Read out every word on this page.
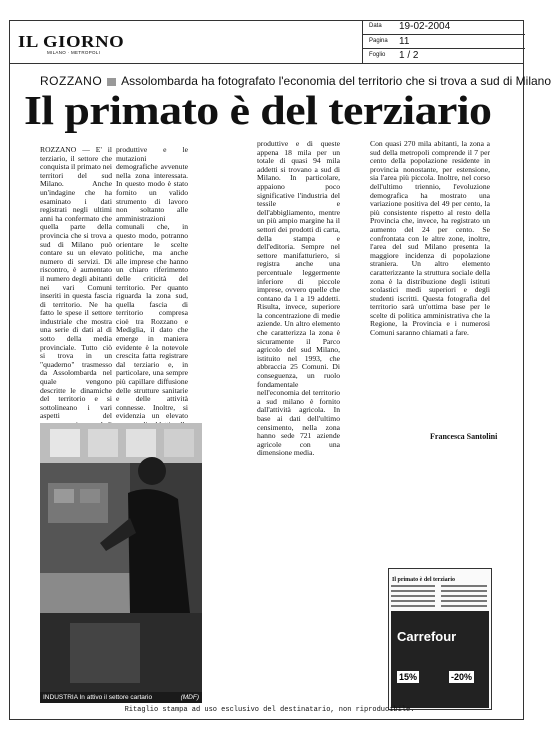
IL GIORNO
MILANO · METROPOLI
Data 19-02-2004
Pagina 11
Foglio 1 / 2
ROZZANO Assolombarda ha fotografato l'economia del territorio che si trova a sud di Milano
Il primato è del terziario
ROZZANO — E' il terziario, il settore che conquista il primato nei territori del sud Milano. Anche un'indagine che ha esaminato i dati registrati negli ultimi anni ha confermato che quella parte della provincia che si trova a sud di Milano può contare su un elevato numero di servizi. Di riscontro, è aumentato il numero degli abitanti nei vari Comuni inseriti in questa fascia di territorio. Ne ha fatto le spese il settore industriale che mostra una serie di dati al di sotto della media provinciale. Tutto ciò si trova in un "quaderno" trasmesso da Assolombarda nel quale vengono descritte le dinamiche del territorio e si sottolineano i vari aspetti del
produttive e le mutazioni demografiche avvenute nella zona interessata. In questo modo è stato fornito un valido strumento di lavoro non soltanto alle amministrazioni comunali che, in questo modo, potranno orientare le scelte politiche, ma anche alle imprese che hanno un chiaro riferimento delle criticità del territorio. Per quanto riguarda la zona sud, quella fascia di territorio compresa cioè tra Rozzano e Mediglia, il dato che emerge in maniera evidente è la notevole crescita fatta registrare dal terziario e, in particolare, una sempre più capillare diffusione delle strutture sanitarie e delle attività connesse. Inoltre, si evidenzia un elevato
produttive e di queste appena 18 mila per un totale di quasi 94 mila addetti si trovano a sud di Milano. In particolare, appaiono poco significative l'industria del tessile e dell'abbigliamento, mentre un più ampio margine ha il settori dei prodotti di carta, della stampa e dell'editoria. Sempre nel settore manifatturiero, si registra anche una percentuale leggermente inferiore di piccole imprese, ovvero quelle che contano da 1 a 19 addetti. Risulta, invece, superiore la concentrazione di medie aziende. Un altro elemento che caratterizza la zona è sicuramente il Parco agricolo del sud Milano, istituito nel 1993, che abbraccia 25 Comuni. Di conseguenza, un ruolo fondamentale nell'economia del territorio a sud milano è fornito dall'attività agricola. In base ai dati dell'ultimo censimento, nella zona hanno sede 721 aziende agricole con una dimensione media.
Con quasi 270 mila abitanti, la zona a sud della metropoli comprende il 7 per cento della popolazione residente in provincia nonostante, per estensione, sia l'area più piccola. Inoltre, nel corso dell'ultimo triennio, l'evoluzione demografica ha mostrato una variazione positiva del 49 per cento, la più consistente rispetto al resto della Provincia che, invece, ha registrato un aumento del 24 per cento. Se confrontata con le altre zone, inoltre, l'area del sud Milano presenta la maggiore incidenza di popolazione straniera. Un altro elemento caratterizzante la struttura sociale della zona è la distribuzione degli istituti scolastici medi superiori e degli studenti iscritti. Questa fotografia del territorio sarà un'ottima base per le scelte di politica amministrativa che la Regione, la Provincia e i numerosi Comuni saranno chiamati a fare.
Francesca Santolini
INDUSTRIA In attivo il settore cartario	(MDF)
Il primato è del terziario
Carrefour
15%	-20%
Ritaglio stampa ad uso esclusivo del destinatario, non riproducibile.
